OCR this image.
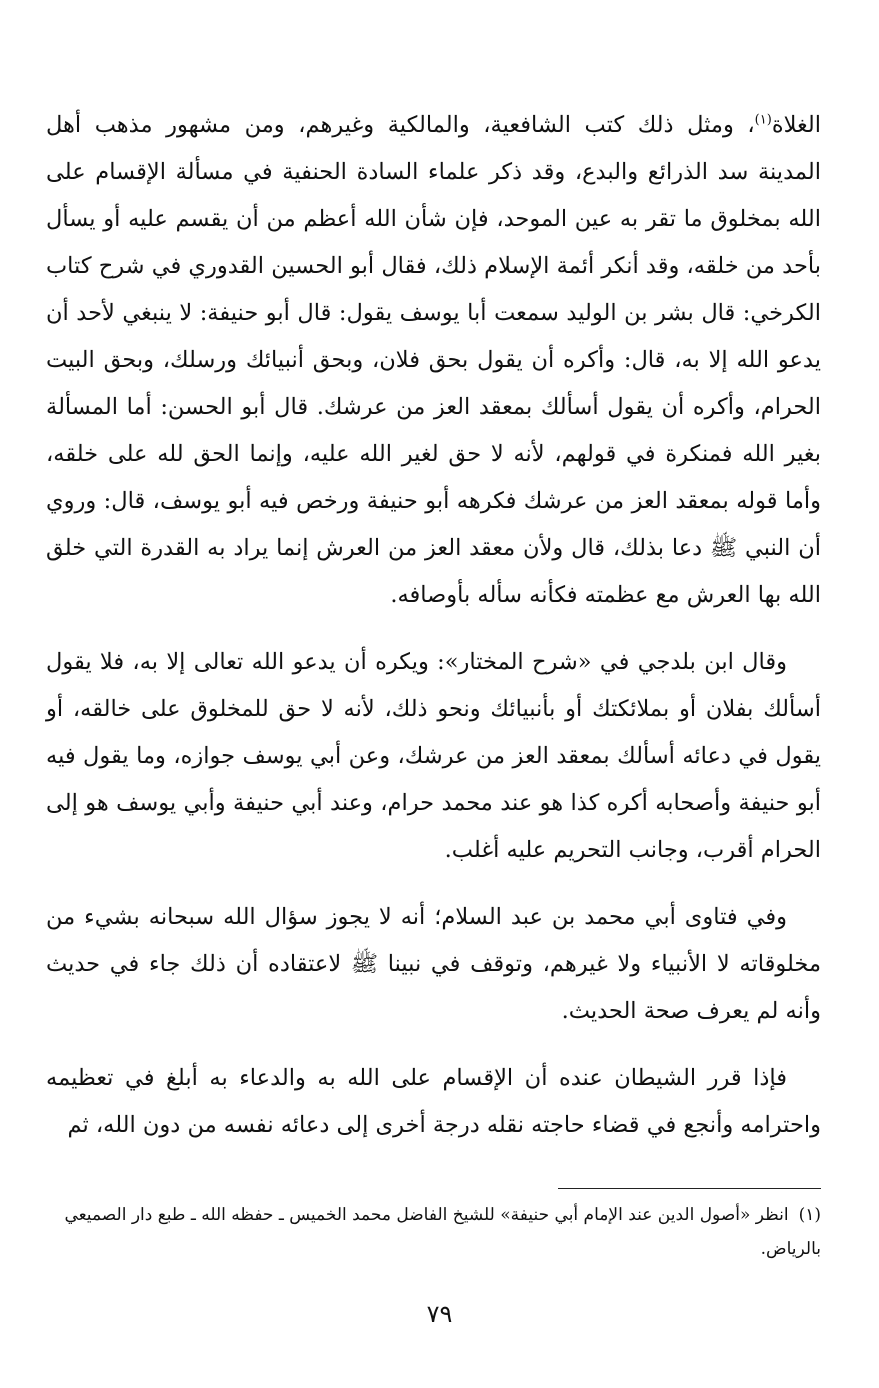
الغلاة$^{(١)}$، ومثل ذلك كتب الشافعية، والمالكية وغيرهم، ومن مشهور مذهب أهل المدينة سد الذرائع والبدع، وقد ذكر علماء السادة الحنفية في مسألة الإقسام على الله بمخلوق ما تقر به عين الموحد، فإن شأن الله أعظم من أن يقسم عليه أو يسأل بأحد من خلقه، وقد أنكر أئمة الإسلام ذلك، فقال أبو الحسين القدوري في شرح كتاب الكرخي: قال بشر بن الوليد سمعت أبا يوسف يقول: قال أبو حنيفة: لا ينبغي لأحد أن يدعو الله إلا به، قال: وأكره أن يقول بحق فلان، وبحق أنبيائك ورسلك، وبحق البيت الحرام، وأكره أن يقول أسألك بمعقد العز من عرشك. قال أبو الحسن: أما المسألة بغير الله فمنكرة في قولهم، لأنه لا حق لغير الله عليه، وإنما الحق لله على خلقه، وأما قوله بمعقد العز من عرشك فكرهه أبو حنيفة ورخص فيه أبو يوسف، قال: وروي أن النبي ﷺ دعا بذلك، قال ولأن معقد العز من العرش إنما يراد به القدرة التي خلق الله بها العرش مع عظمته فكأنه سأله بأوصافه.

وقال ابن بلدجي في «شرح المختار»: ويكره أن يدعو الله تعالى إلا به، فلا يقول أسألك بفلان أو بملائكتك أو بأنبيائك ونحو ذلك، لأنه لا حق للمخلوق على خالقه، أو يقول في دعائه أسألك بمعقد العز من عرشك، وعن أبي يوسف جوازه، وما يقول فيه أبو حنيفة وأصحابه أكره كذا هو عند محمد حرام، وعند أبي حنيفة وأبي يوسف هو إلى الحرام أقرب، وجانب التحريم عليه أغلب.

وفي فتاوى أبي محمد بن عبد السلام؛ أنه لا يجوز سؤال الله سبحانه بشيء من مخلوقاته لا الأنبياء ولا غيرهم، وتوقف في نبينا ﷺ لاعتقاده أن ذلك جاء في حديث وأنه لم يعرف صحة الحديث.

فإذا قرر الشيطان عنده أن الإقسام على الله به والدعاء به أبلغ في تعظيمه واحترامه وأنجع في قضاء حاجته نقله درجة أخرى إلى دعائه نفسه من دون الله، ثم

(١)انظر «أصول الدين عند الإمام أبي حنيفة» للشيخ الفاضل محمد الخميس ـ حفظه الله ـ طبع دار الصميعي بالرياض.
٧٩
